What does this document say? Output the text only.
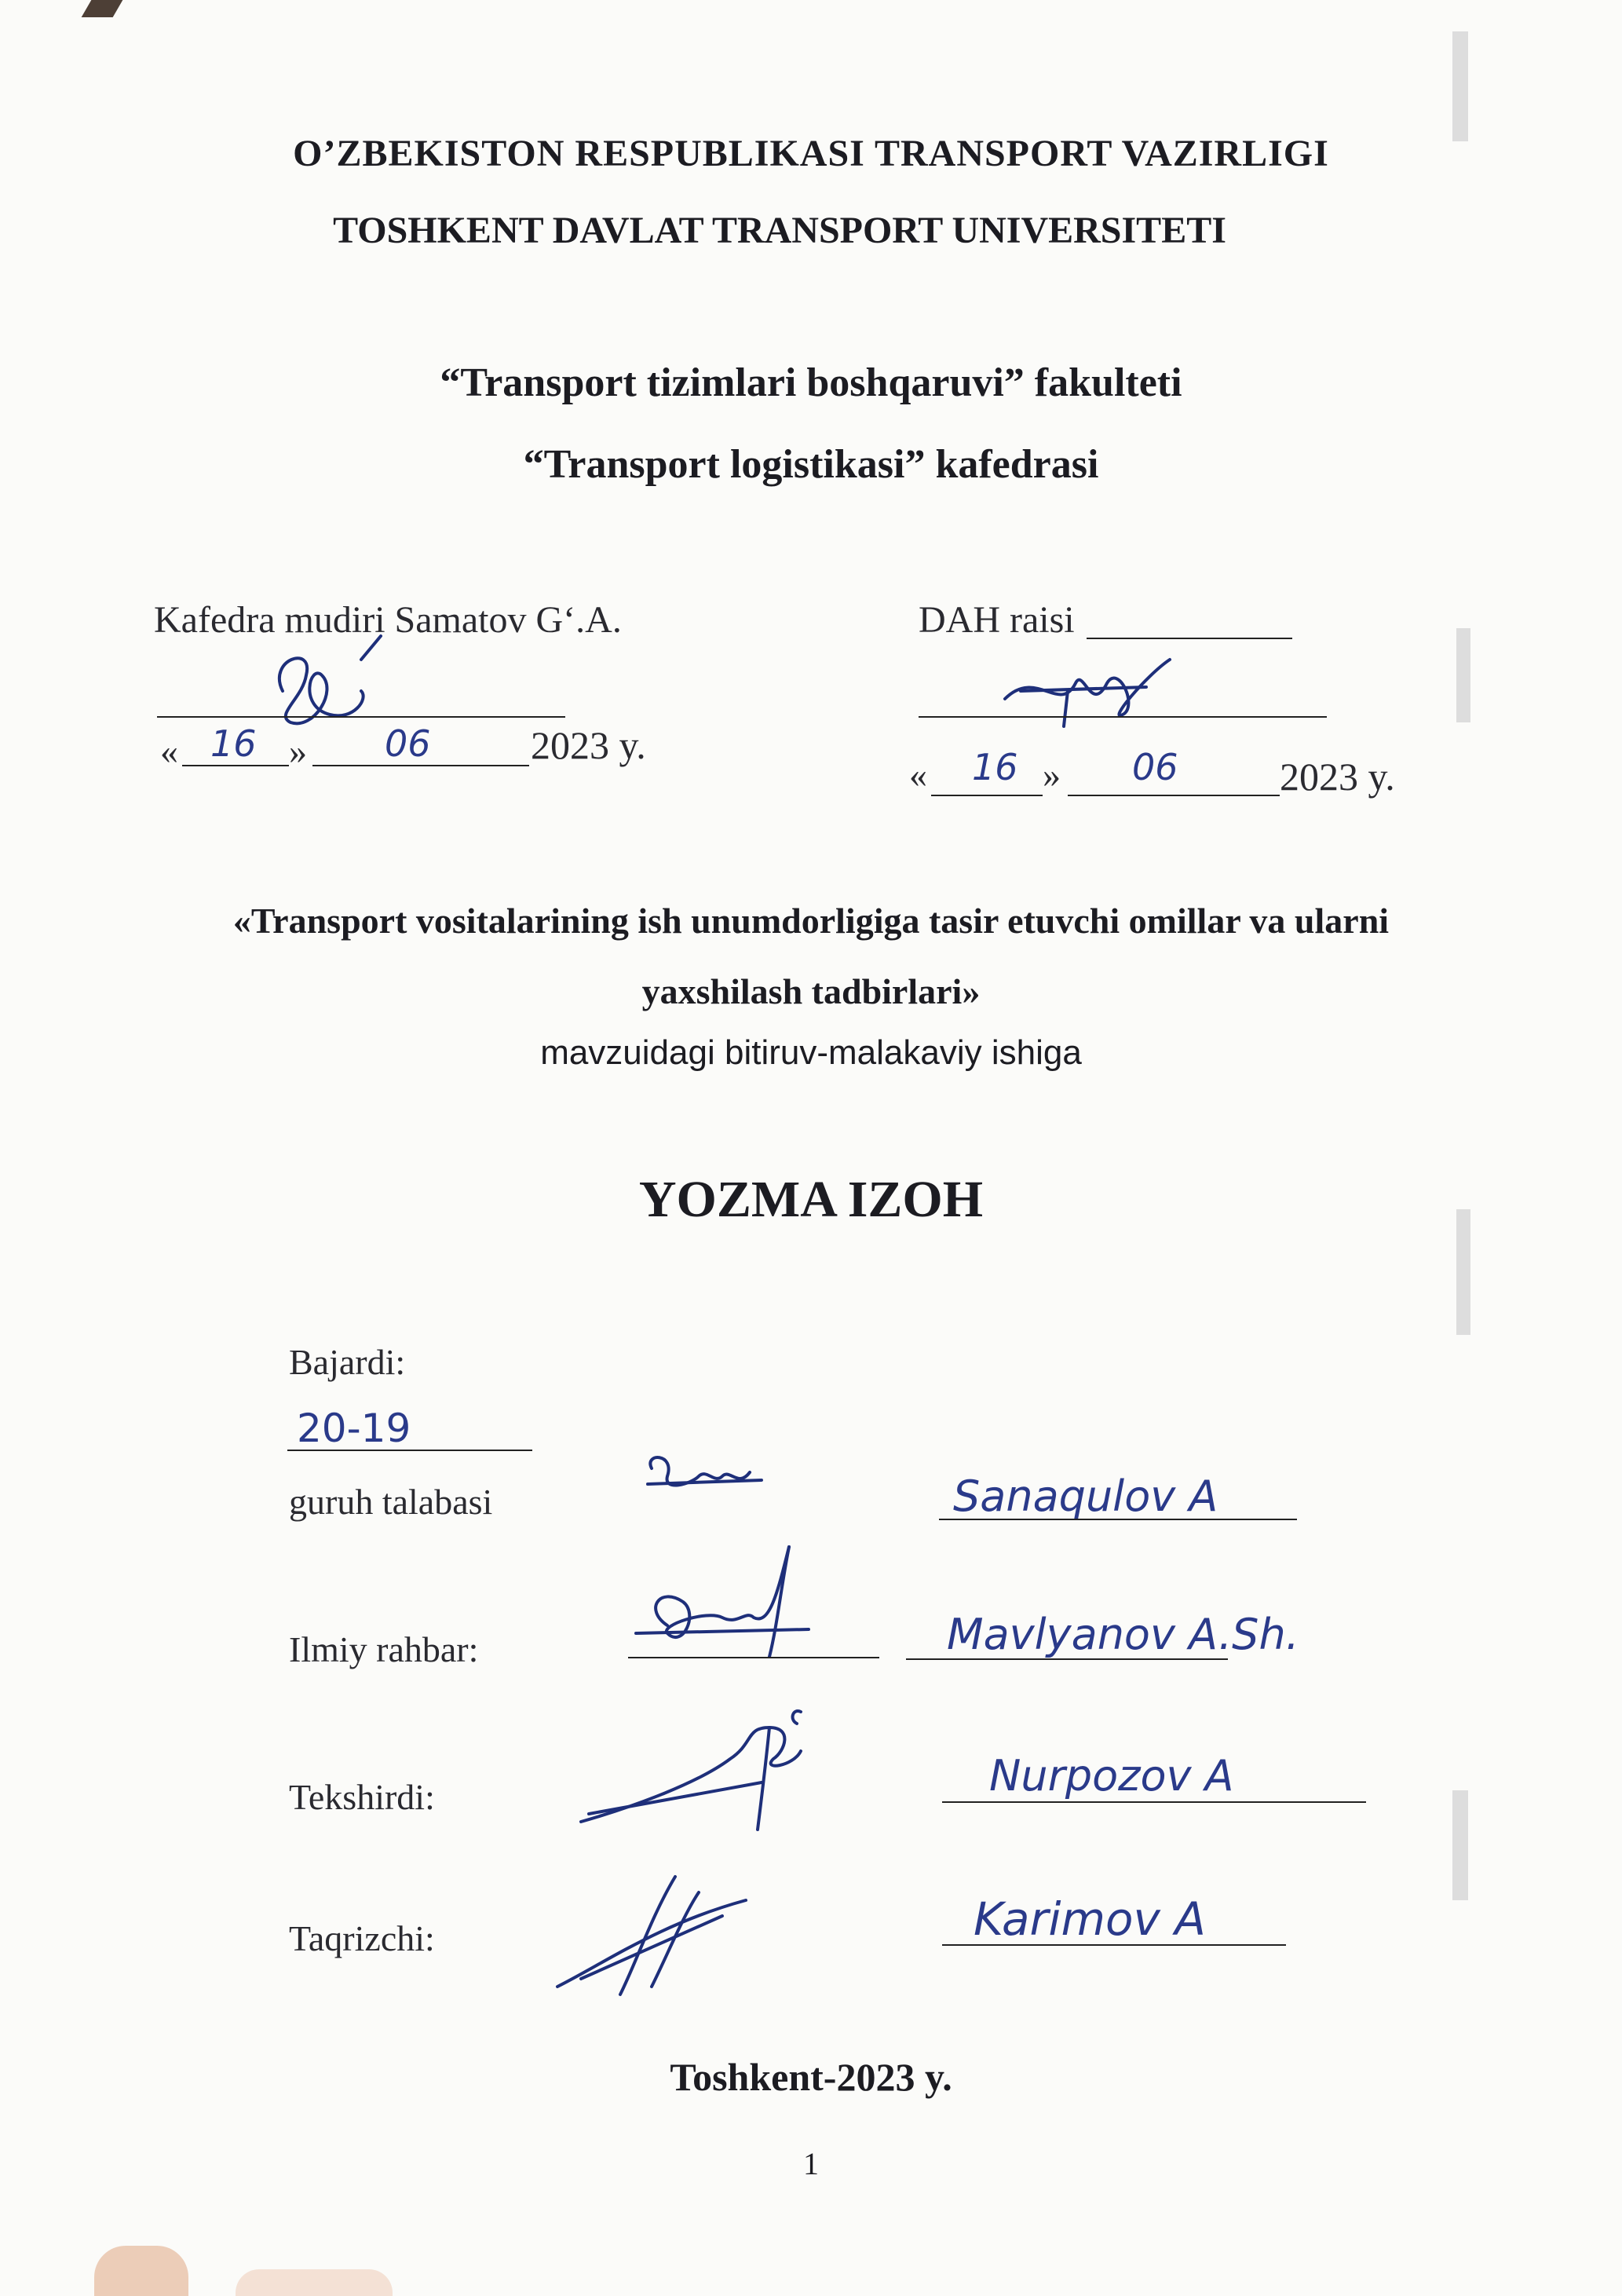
O’ZBEKISTON RESPUBLIKASI TRANSPORT VAZIRLIGI
TOSHKENT DAVLAT TRANSPORT UNIVERSITETI
“Transport tizimlari boshqaruvi” fakulteti
“Transport logistikasi” kafedrasi
Kafedra mudiri Samatov G‘.A.
« 16 » 06	2023 y.
DAH raisi
« 16 » 06	2023 y.
«Transport vositalarining ish unumdorligiga tasir etuvchi omillar va ularni
yaxshilash tadbirlari»
mavzuidagi bitiruv-malakaviy ishiga
YOZMA IZOH
Bajardi:
20-19
guruh talabasi	Sanaqulov A
Ilmiy rahbar:	Mavlyanov A.Sh.
Tekshirdi:	Nurpozov A
Taqrizchi:	Karimov A
Toshkent-2023 y.
1
